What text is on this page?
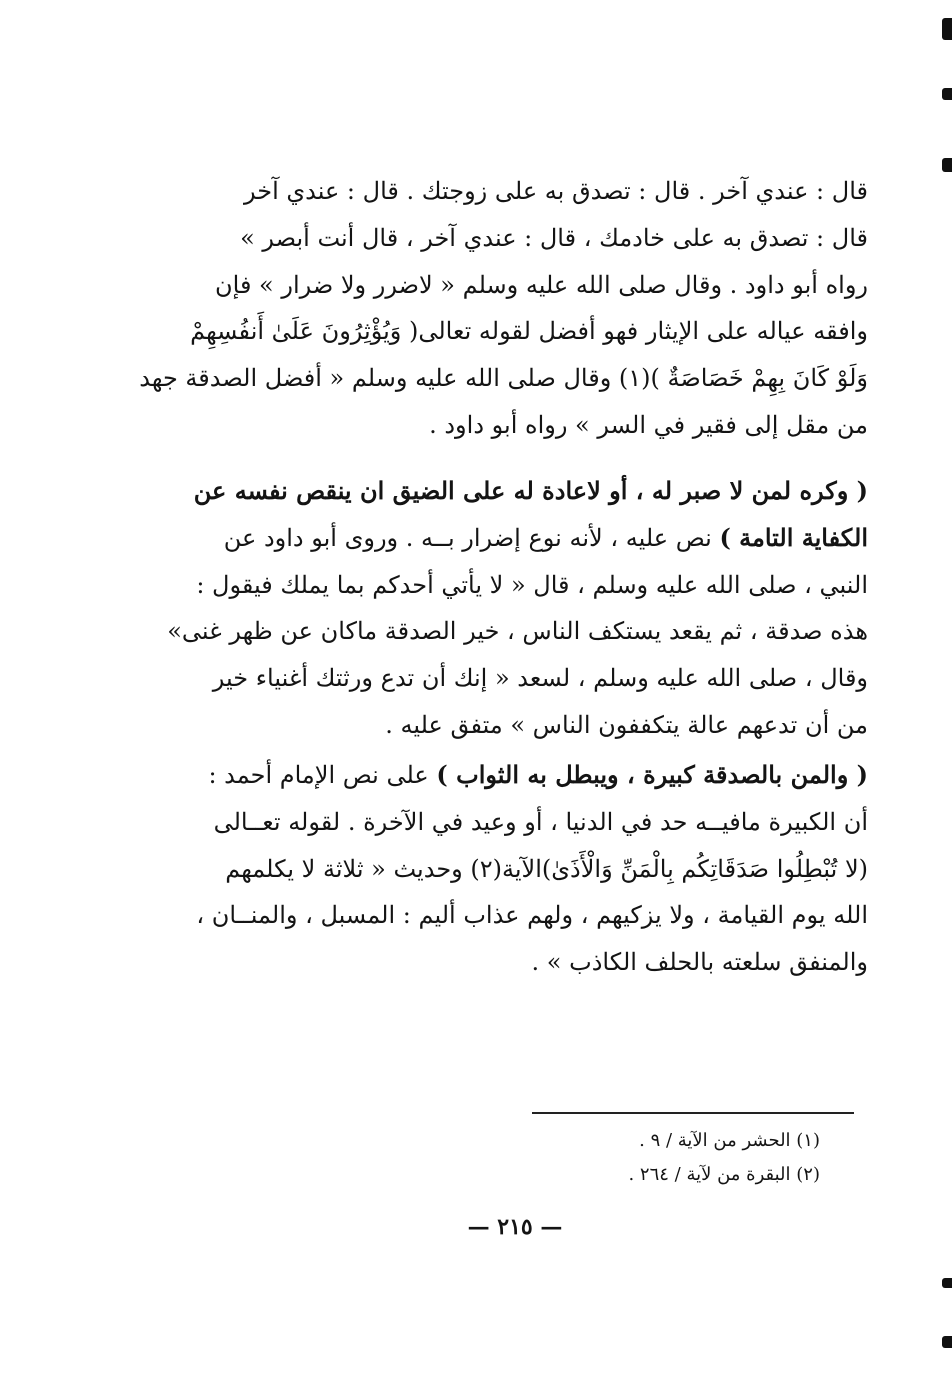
قال : عندي آخر . قال : تصدق به على زوجتك . قال : عندي آخر
قال : تصدق به على خادمك ، قال : عندي آخر ، قال أنت أبصر »
رواه أبو داود . وقال صلى الله عليه وسلم « لاضرر ولا ضرار » فإن
وافقه عياله على الإيثار فهو أفضل لقوله تعالى( وَيُؤْثِرُونَ عَلَىٰ أَنفُسِهِمْ
وَلَوْ كَانَ بِهِمْ خَصَاصَةٌ )(١) وقال صلى الله عليه وسلم « أفضل الصدقة جهد
من مقل إلى فقير في السر » رواه أبو داود .
( وكره لمن لا صبر له ، أو لاعادة له على الضيق ان ينقص نفسه عن
الكفاية التامة ) نص عليه ، لأنه نوع إضرار بــه . وروى أبو داود عن
النبي ، صلى الله عليه وسلم ، قال « لا يأتي أحدكم بما يملك فيقول :
هذه صدقة ، ثم يقعد يستكف الناس ، خير الصدقة ماكان عن ظهر غنى»
وقال ، صلى الله عليه وسلم ، لسعد « إنك أن تدع ورثتك أغنياء خير
من أن تدعهم عالة يتكففون الناس » متفق عليه .
( والمن بالصدقة كبيرة ، ويبطل به الثواب ) على نص الإمام أحمد :
أن الكبيرة مافيــه حد في الدنيا ، أو وعيد في الآخرة . لقوله تعــالى
(لا تُبْطِلُوا صَدَقَاتِكُم بِالْمَنِّ وَالْأَذَىٰ)الآية(٢) وحديث « ثلاثة لا يكلمهم
الله يوم القيامة ، ولا يزكيهم ، ولهم عذاب أليم : المسبل ، والمنــان ،
والمنفق سلعته بالحلف الكاذب » .
(١) الحشر من الآية / ٩ .
(٢) البقرة من لآية / ٢٦٤ .
— ٢١٥ —
